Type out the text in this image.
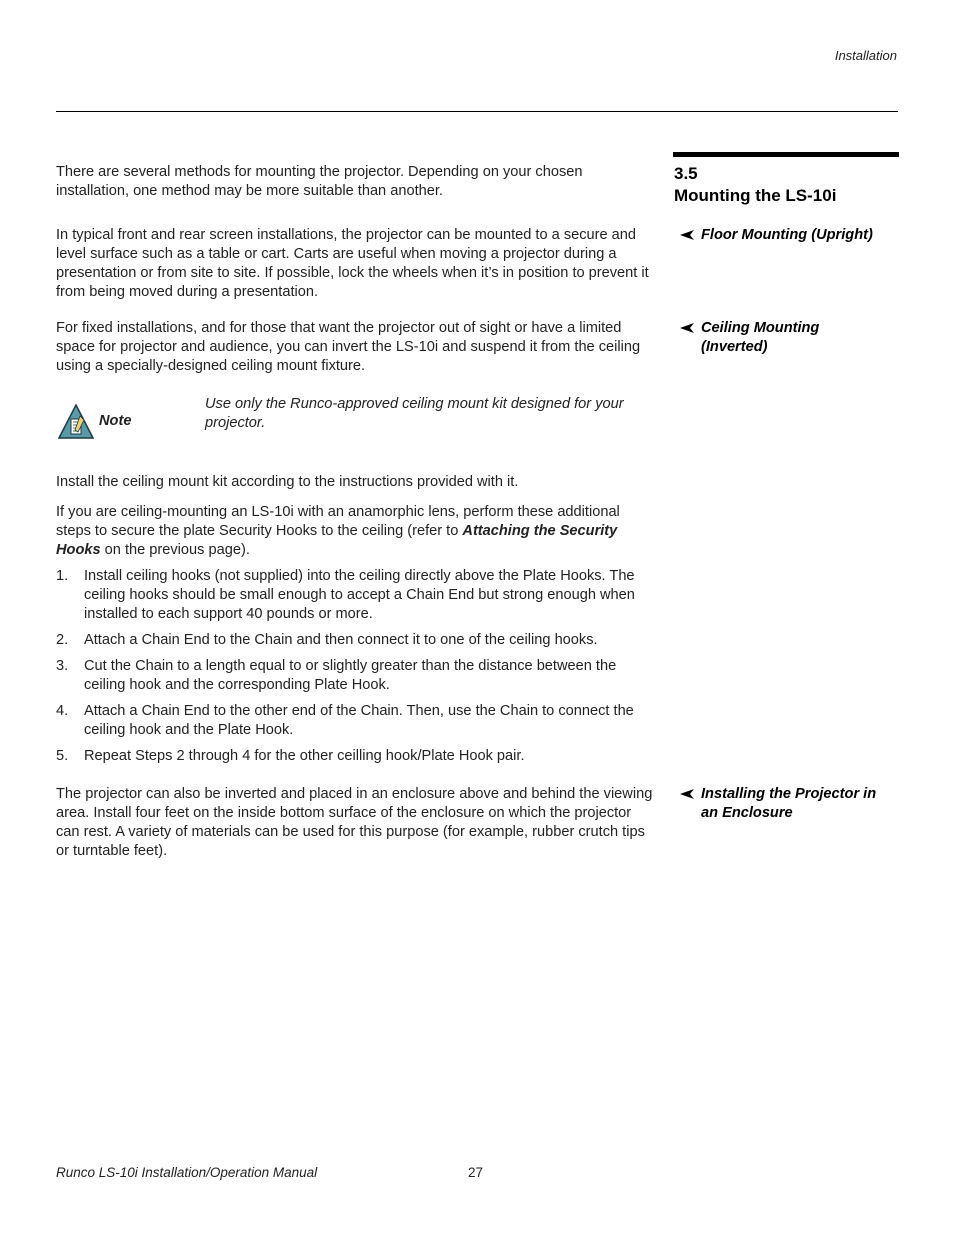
Installation
3.5
Mounting the LS-10i

There are several methods for mounting the projector. Depending on your chosen installation, one method may be more suitable than another.

Floor Mounting (Upright)

In typical front and rear screen installations, the projector can be mounted to a secure and level surface such as a table or cart. Carts are useful when moving a projector during a presentation or from site to site. If possible, lock the wheels when it’s in position to prevent it from being moved during a presentation.

Ceiling Mounting
(Inverted)

For fixed installations, and for those that want the projector out of sight or have a limited space for projector and audience, you can invert the LS-10i and suspend it from the ceiling using a specially-designed ceiling mount fixture.

Note
Use only the Runco-approved ceiling mount kit designed for your projector.

Install the ceiling mount kit according to the instructions provided with it.

If you are ceiling-mounting an LS-10i with an anamorphic lens, perform these additional steps to secure the plate Security Hooks to the ceiling (refer to Attaching the Security Hooks on the previous page).

1. Install ceiling hooks (not supplied) into the ceiling directly above the Plate Hooks. The ceiling hooks should be small enough to accept a Chain End but strong enough when installed to each support 40 pounds or more.
2. Attach a Chain End to the Chain and then connect it to one of the ceiling hooks.
3. Cut the Chain to a length equal to or slightly greater than the distance between the ceiling hook and the corresponding Plate Hook.
4. Attach a Chain End to the other end of the Chain. Then, use the Chain to connect the ceiling hook and the Plate Hook.
5. Repeat Steps 2 through 4 for the other ceilling hook/Plate Hook pair.
Installing the Projector in
an Enclosure

The projector can also be inverted and placed in an enclosure above and behind the viewing area. Install four feet on the inside bottom surface of the enclosure on which the projector can rest. A variety of materials can be used for this purpose (for example, rubber crutch tips or turntable feet).

Runco LS-10i Installation/Operation Manual	27
